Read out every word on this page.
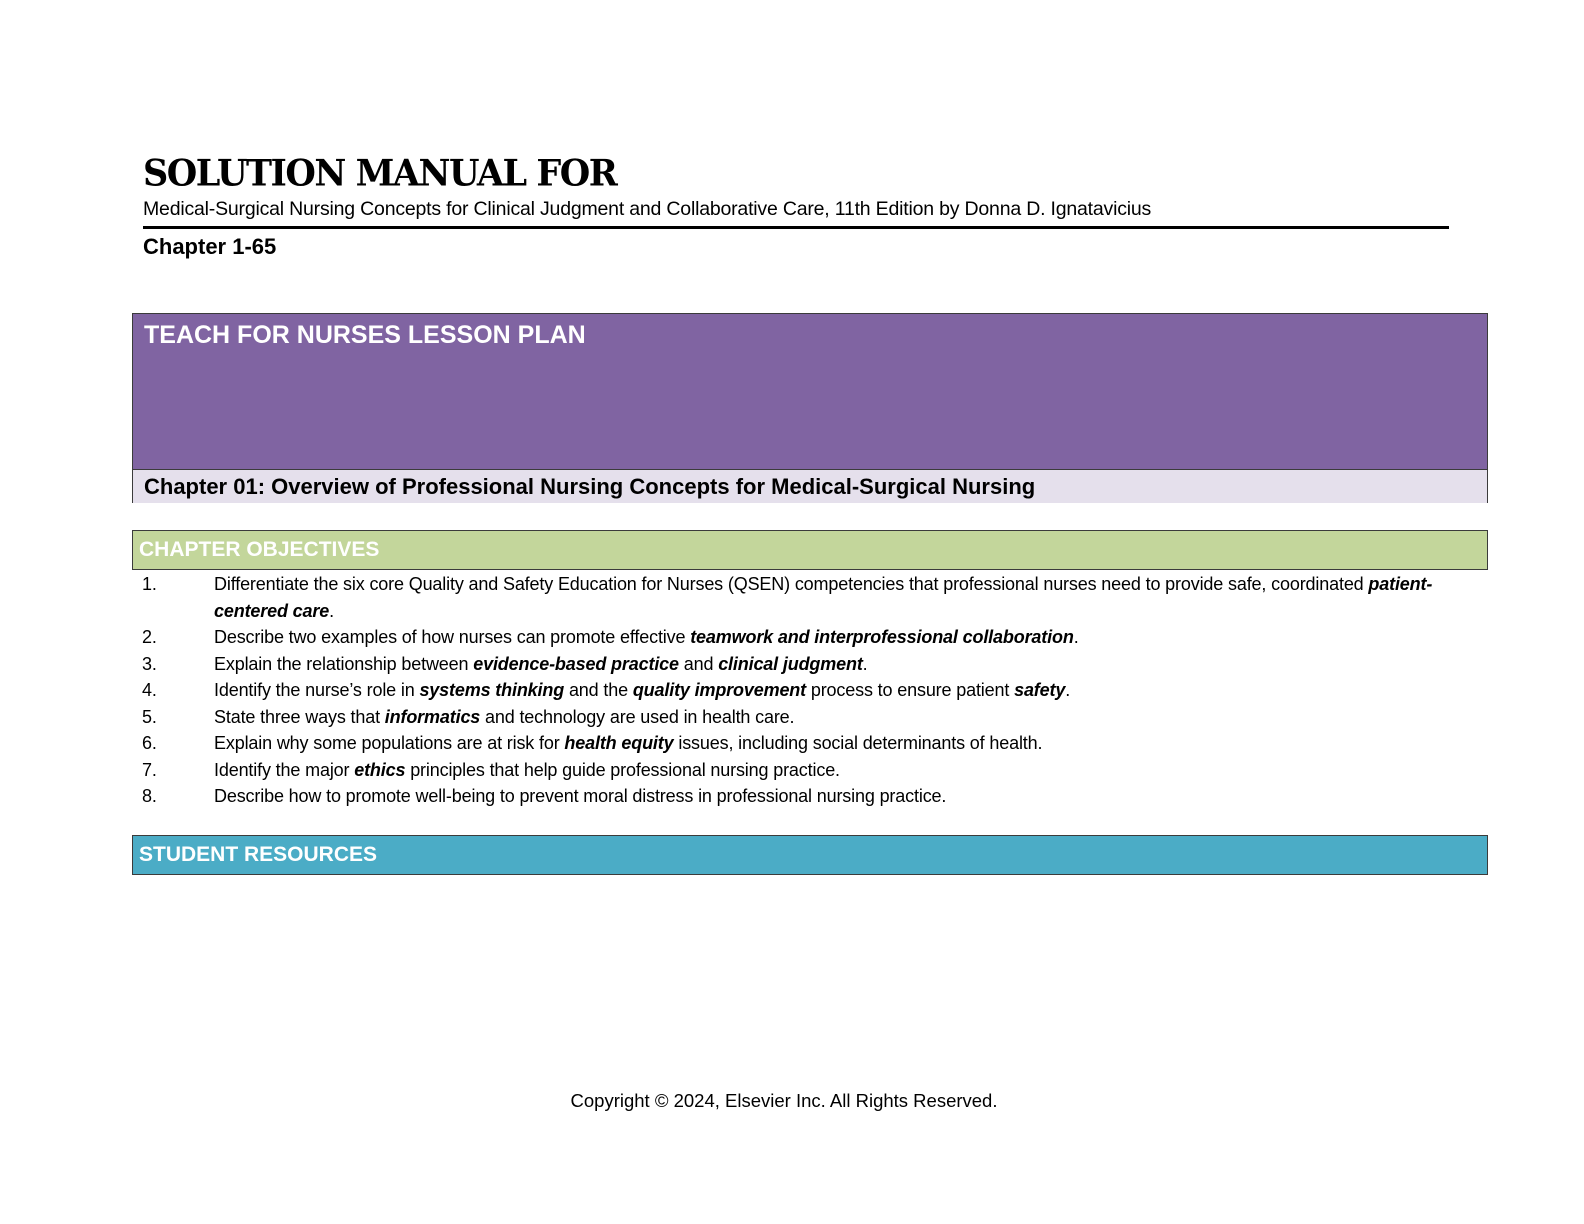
SOLUTION MANUAL FOR
Medical-Surgical Nursing Concepts for Clinical Judgment and Collaborative Care, 11th Edition by Donna D. Ignatavicius
Chapter 1-65
TEACH FOR NURSES LESSON PLAN
Chapter 01: Overview of Professional Nursing Concepts for Medical-Surgical Nursing
CHAPTER OBJECTIVES
1.	Differentiate the six core Quality and Safety Education for Nurses (QSEN) competencies that professional nurses need to provide safe, coordinated patient-centered care.
2.	Describe two examples of how nurses can promote effective teamwork and interprofessional collaboration.
3.	Explain the relationship between evidence-based practice and clinical judgment.
4.	Identify the nurse’s role in systems thinking and the quality improvement process to ensure patient safety.
5.	State three ways that informatics and technology are used in health care.
6.	Explain why some populations are at risk for health equity issues, including social determinants of health.
7.	Identify the major ethics principles that help guide professional nursing practice.
8.	Describe how to promote well-being to prevent moral distress in professional nursing practice.
STUDENT RESOURCES
Copyright © 2024, Elsevier Inc. All Rights Reserved.
